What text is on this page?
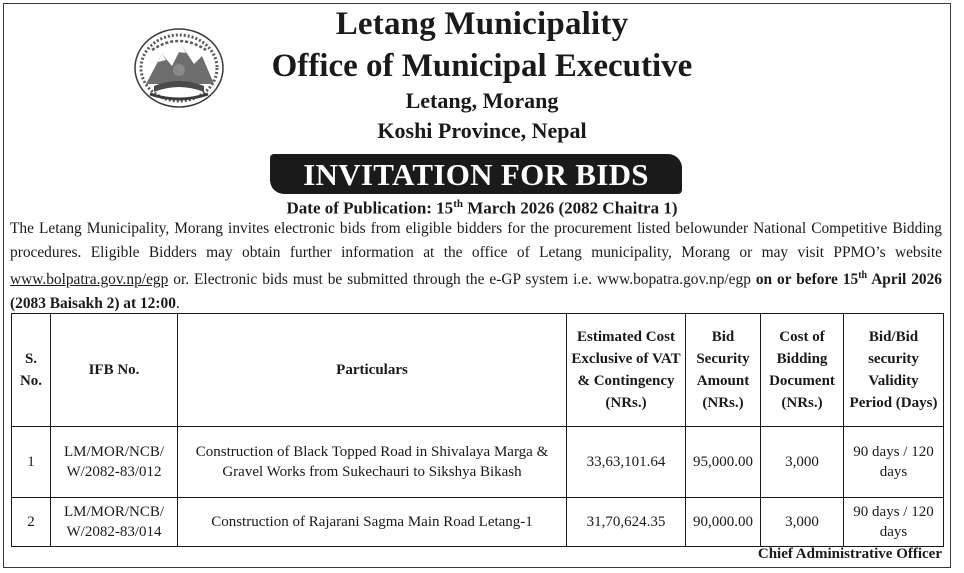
Letang Municipality
Office of Municipal Executive
Letang, Morang
Koshi Province, Nepal
INVITATION FOR BIDS
Date of Publication: 15th March 2026 (2082 Chaitra 1)
The Letang Municipality, Morang invites electronic bids from eligible bidders for the procurement listed belowunder National Competitive Bidding procedures. Eligible Bidders may obtain further information at the office of Letang municipality, Morang or may visit PPMO’s website www.bolpatra.gov.np/egp or. Electronic bids must be submitted through the e-GP system i.e. www.bopatra.gov.np/egp on or before 15th April 2026 (2083 Baisakh 2) at 12:00.
S. No.	IFB No.	Particulars	Estimated Cost Exclusive of VAT & Contingency (NRs.)	Bid Security Amount (NRs.)	Cost of Bidding Document (NRs.)	Bid/Bid security Validity Period (Days)
1	LM/MOR/NCB/ W/2082-83/012	Construction of Black Topped Road in Shivalaya Marga & Gravel Works from Sukechauri to Sikshya Bikash	33,63,101.64	95,000.00	3,000	90 days / 120 days
2	LM/MOR/NCB/ W/2082-83/014	Construction of Rajarani Sagma Main Road Letang-1	31,70,624.35	90,000.00	3,000	90 days / 120 days
Chief Administrative Officer
